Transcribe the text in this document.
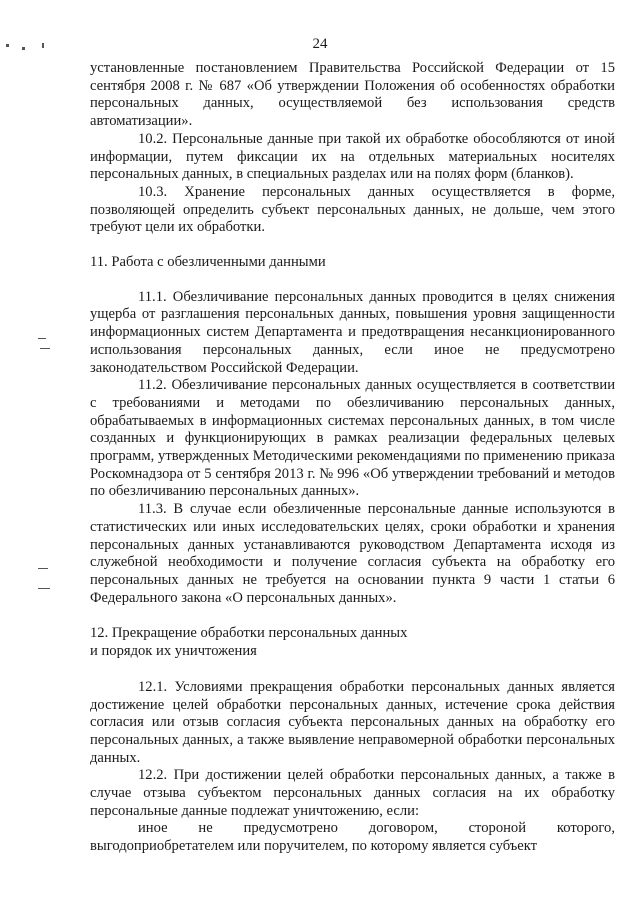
24

установленные постановлением Правительства Российской Федерации от 15 сентября 2008 г. № 687 «Об утверждении Положения об особенностях обработки персональных данных, осуществляемой без использования средств автоматизации».

10.2. Персональные данные при такой их обработке обособляются от иной информации, путем фиксации их на отдельных материальных носителях персональных данных, в специальных разделах или на полях форм (бланков).

10.3. Хранение персональных данных осуществляется в форме, позволяющей определить субъект персональных данных, не дольше, чем этого требуют цели их обработки.

11. Работа с обезличенными данными

11.1. Обезличивание персональных данных проводится в целях снижения ущерба от разглашения персональных данных, повышения уровня защищенности информационных систем Департамента и предотвращения несанкционированного использования персональных данных, если иное не предусмотрено законодательством Российской Федерации.

11.2. Обезличивание персональных данных осуществляется в соответствии с требованиями и методами по обезличиванию персональных данных, обрабатываемых в информационных системах персональных данных, в том числе созданных и функционирующих в рамках реализации федеральных целевых программ, утвержденных Методическими рекомендациями по применению приказа Роскомнадзора от 5 сентября 2013 г. № 996 «Об утверждении требований и методов по обезличиванию персональных данных».

11.3. В случае если обезличенные персональные данные используются в статистических или иных исследовательских целях, сроки обработки и хранения персональных данных устанавливаются руководством Департамента исходя из служебной необходимости и получение согласия субъекта на обработку его персональных данных не требуется на основании пункта 9 части 1 статьи 6 Федерального закона «О персональных данных».

12. Прекращение обработки персональных данных

и порядок их уничтожения

12.1. Условиями прекращения обработки персональных данных является достижение целей обработки персональных данных, истечение срока действия согласия или отзыв согласия субъекта персональных данных на обработку его персональных данных, а также выявление неправомерной обработки персональных данных.

12.2. При достижении целей обработки персональных данных, а также в случае отзыва субъектом персональных данных согласия на их обработку персональные данные подлежат уничтожению, если:

иное не предусмотрено договором, стороной которого, выгодоприобретателем или поручителем, по которому является субъект
